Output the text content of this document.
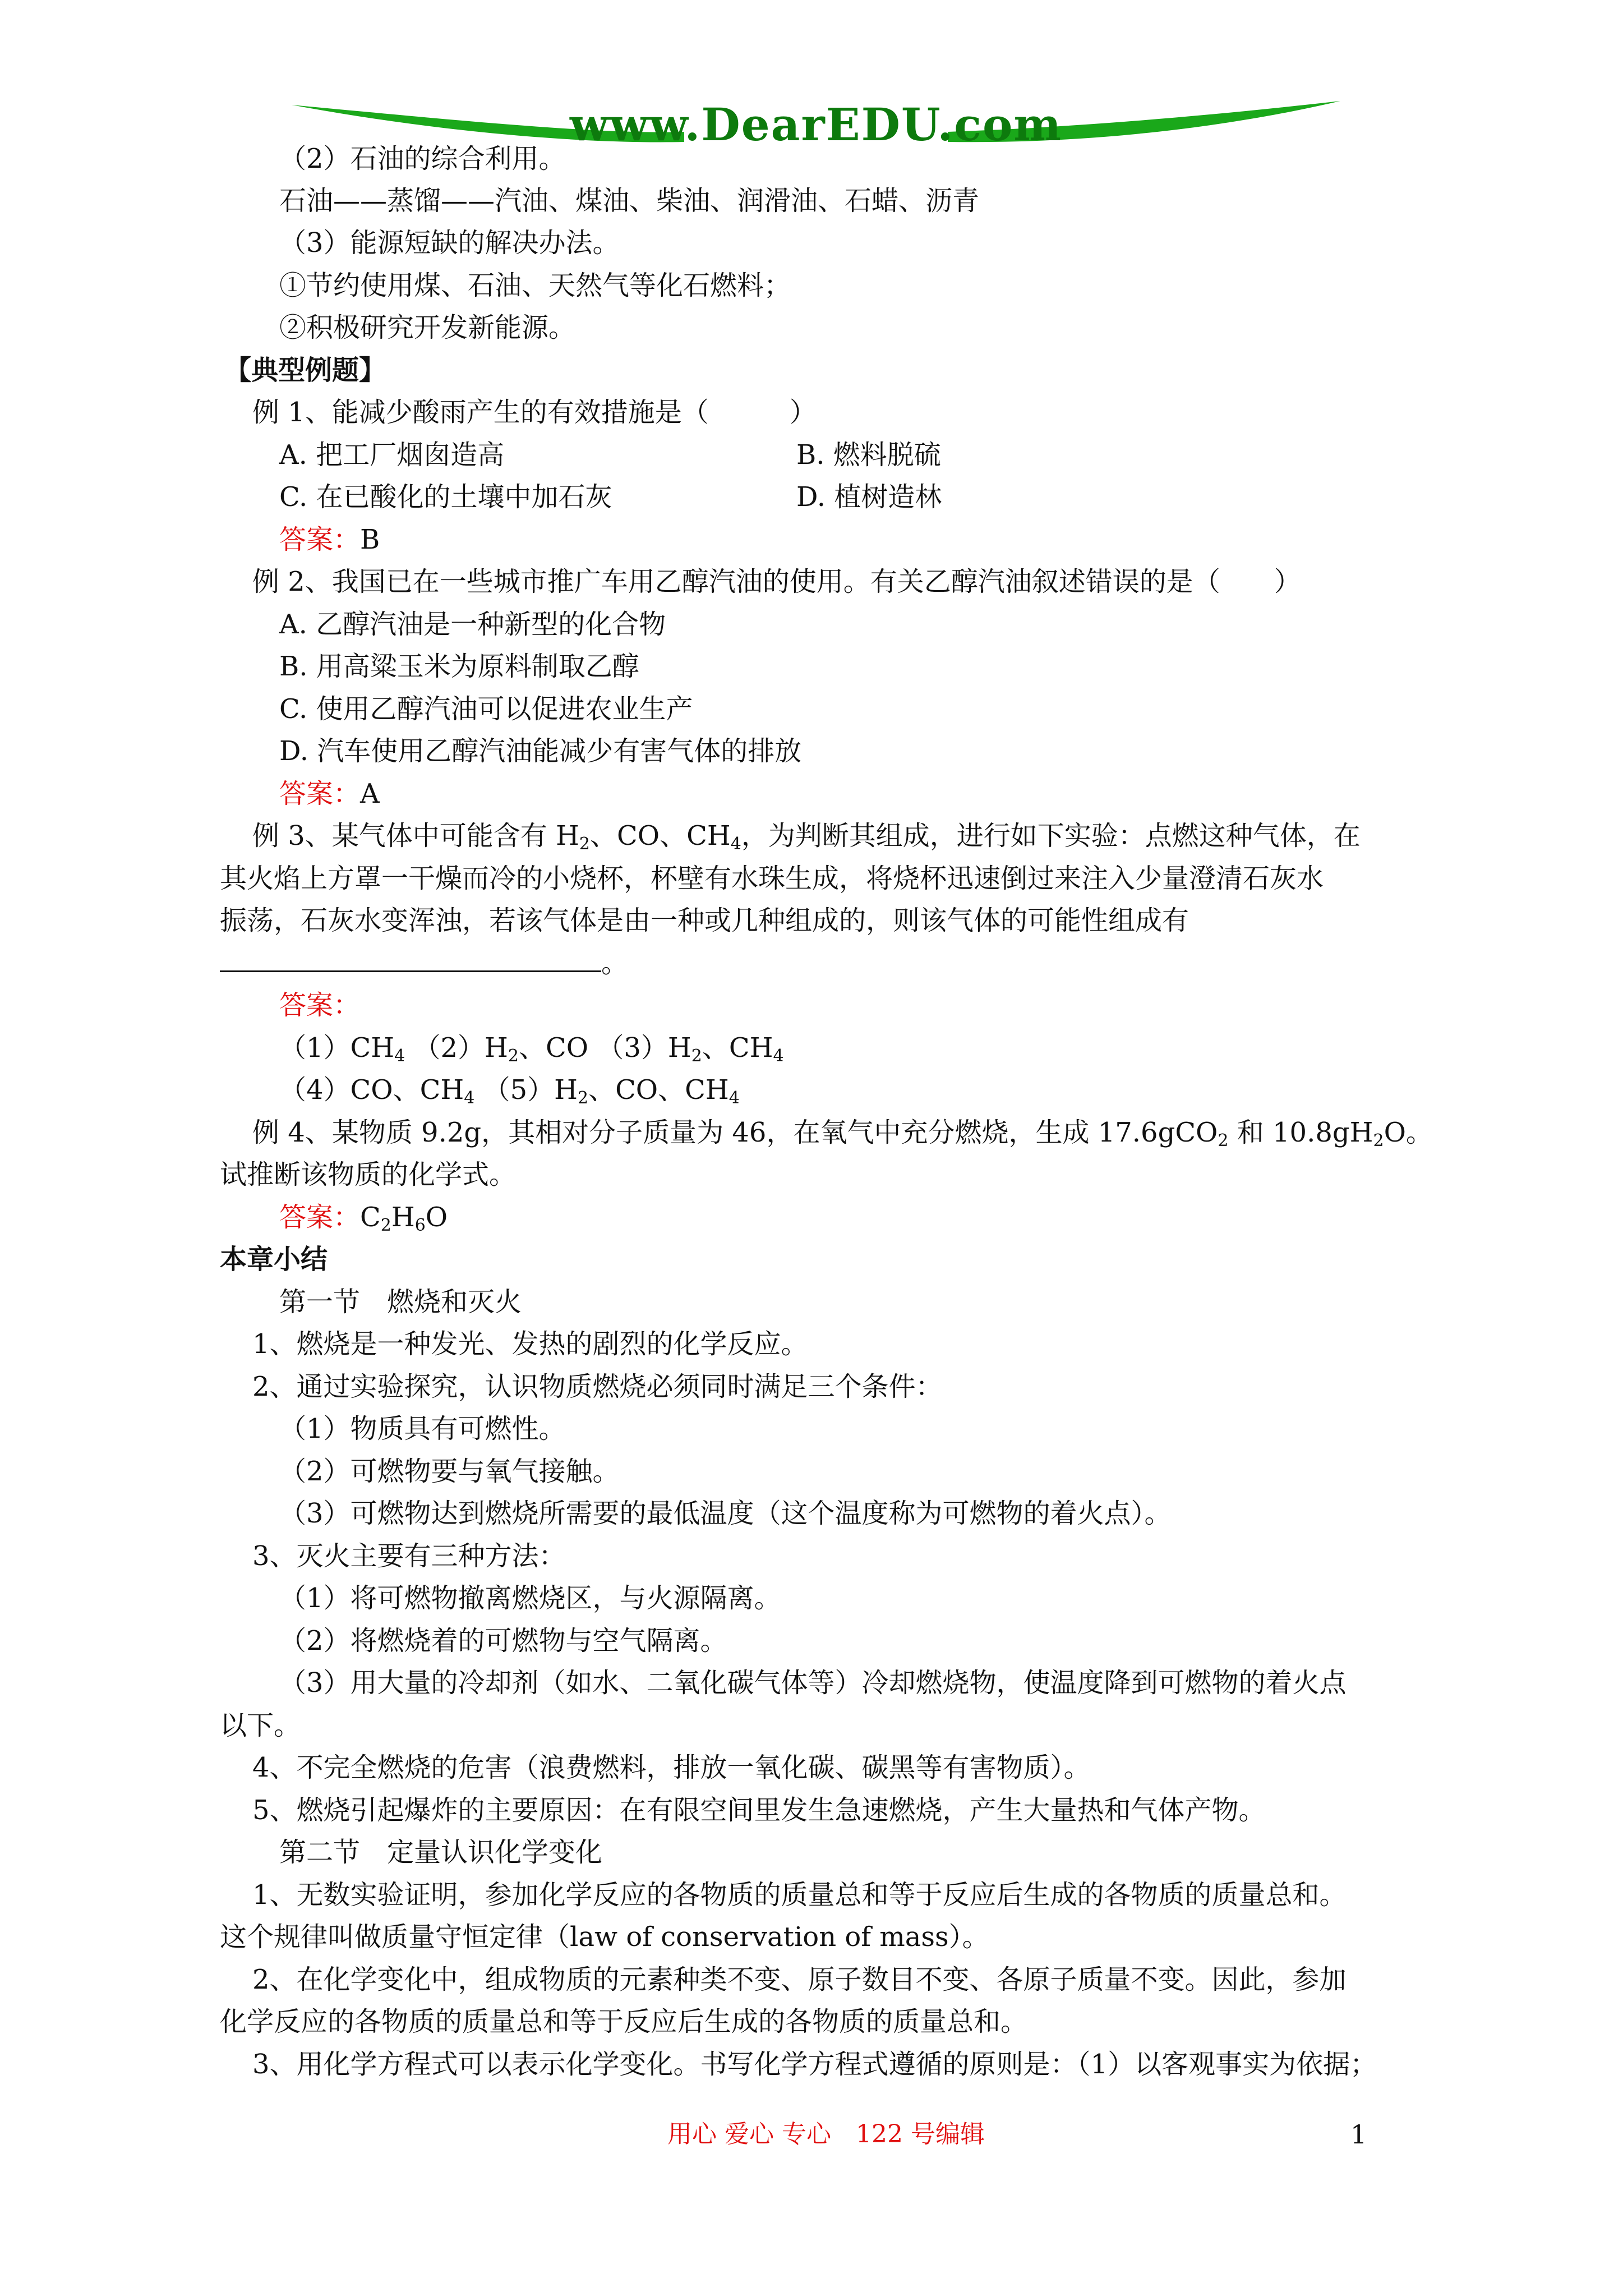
www.DearEDU.com
（2）石油的综合利用。
石油——蒸馏——汽油、煤油、柴油、润滑油、石蜡、沥青
（3）能源短缺的解决办法。
①节约使用煤、石油、天然气等化石燃料；
②积极研究开发新能源。
【典型例题】
例 1、能减少酸雨产生的有效措施是（　　　）
A. 把工厂烟囱造高	B. 燃料脱硫
C. 在已酸化的土壤中加石灰	D. 植树造林
答案：B
例 2、我国已在一些城市推广车用乙醇汽油的使用。有关乙醇汽油叙述错误的是（　　）
A. 乙醇汽油是一种新型的化合物
B. 用高粱玉米为原料制取乙醇
C. 使用乙醇汽油可以促进农业生产
D. 汽车使用乙醇汽油能减少有害气体的排放
答案：A
例 3、某气体中可能含有 $H_2$、CO、$CH_4$，为判断其组成，进行如下实验：点燃这种气体，在
其火焰上方罩一干燥而冷的小烧杯，杯壁有水珠生成，将烧杯迅速倒过来注入少量澄清石灰水
振荡，石灰水变浑浊，若该气体是由一种或几种组成的，则该气体的可能性组成有
。
答案：
$(1)CH_4$ $(2)H_2$、CO $(3)H_2$、$CH_4$
（4）CO、$CH_4$ $(5)H_2$、CO、$CH_4$
例 4、某物质 9.2g，其相对分子质量为 46，在氧气中充分燃烧，生成 17.6gCO$_2$ 和 $10.8gH_2O$。
试推断该物质的化学式。
答案：$C_2H_6O$
本章小结
第一节　燃烧和灭火
1、燃烧是一种发光、发热的剧烈的化学反应。
2、通过实验探究，认识物质燃烧必须同时满足三个条件：
（1）物质具有可燃性。
（2）可燃物要与氧气接触。
（3）可燃物达到燃烧所需要的最低温度（这个温度称为可燃物的着火点）。
3、灭火主要有三种方法：
（1）将可燃物撤离燃烧区，与火源隔离。
（2）将燃烧着的可燃物与空气隔离。
（3）用大量的冷却剂（如水、二氧化碳气体等）冷却燃烧物，使温度降到可燃物的着火点
以下。
4、不完全燃烧的危害（浪费燃料，排放一氧化碳、碳黑等有害物质）。
5、燃烧引起爆炸的主要原因：在有限空间里发生急速燃烧，产生大量热和气体产物。
第二节　定量认识化学变化
1、无数实验证明，参加化学反应的各物质的质量总和等于反应后生成的各物质的质量总和。
这个规律叫做质量守恒定律（law of conservation of mass）。
2、在化学变化中，组成物质的元素种类不变、原子数目不变、各原子质量不变。因此，参加
化学反应的各物质的质量总和等于反应后生成的各物质的质量总和。
3、用化学方程式可以表示化学变化。书写化学方程式遵循的原则是：（1）以客观事实为依据；
用心 爱心 专心　122 号编辑	1
